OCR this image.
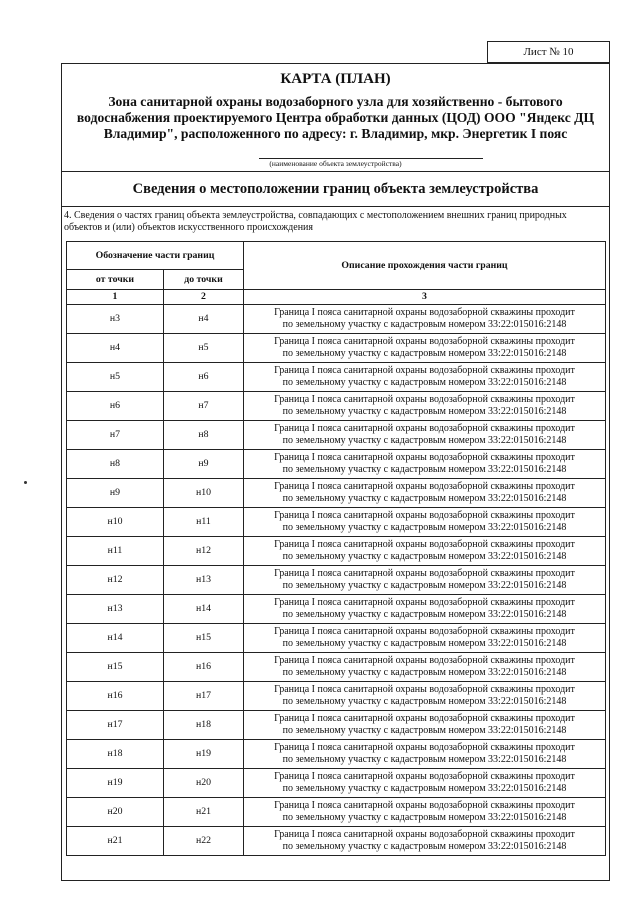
Лист № 10
КАРТА (ПЛАН)
Зона санитарной охраны водозаборного узла для хозяйственно - бытового водоснабжения проектируемого Центра обработки данных (ЦОД) ООО "Яндекс ДЦ Владимир", расположенного по адресу: г. Владимир, мкр. Энергетик I пояс
(наименование объекта землеустройства)
Сведения о местоположении границ объекта землеустройства
4. Сведения о частях границ объекта землеустройства, совпадающих с местоположением внешних границ природных объектов и (или) объектов искусственного происхождения
Обозначение части границ		Описание прохождения части границ
от точки	до точки	
1	2	3
н3	н4	Граница I пояса санитарной охраны водозаборной скважины проходит
по земельному участку с кадастровым номером 33:22:015016:2148

н4	н5	Граница I пояса санитарной охраны водозаборной скважины проходит
по земельному участку с кадастровым номером 33:22:015016:2148

н5	н6	Граница I пояса санитарной охраны водозаборной скважины проходит
по земельному участку с кадастровым номером 33:22:015016:2148

н6	н7	Граница I пояса санитарной охраны водозаборной скважины проходит
по земельному участку с кадастровым номером 33:22:015016:2148

н7	н8	Граница I пояса санитарной охраны водозаборной скважины проходит
по земельному участку с кадастровым номером 33:22:015016:2148

н8	н9	Граница I пояса санитарной охраны водозаборной скважины проходит
по земельному участку с кадастровым номером 33:22:015016:2148

н9	н10	Граница I пояса санитарной охраны водозаборной скважины проходит
по земельному участку с кадастровым номером 33:22:015016:2148

н10	н11	Граница I пояса санитарной охраны водозаборной скважины проходит
по земельному участку с кадастровым номером 33:22:015016:2148

н11	н12	Граница I пояса санитарной охраны водозаборной скважины проходит
по земельному участку с кадастровым номером 33:22:015016:2148

н12	н13	Граница I пояса санитарной охраны водозаборной скважины проходит
по земельному участку с кадастровым номером 33:22:015016:2148

н13	н14	Граница I пояса санитарной охраны водозаборной скважины проходит
по земельному участку с кадастровым номером 33:22:015016:2148

н14	н15	Граница I пояса санитарной охраны водозаборной скважины проходит
по земельному участку с кадастровым номером 33:22:015016:2148

н15	н16	Граница I пояса санитарной охраны водозаборной скважины проходит
по земельному участку с кадастровым номером 33:22:015016:2148

н16	н17	Граница I пояса санитарной охраны водозаборной скважины проходит
по земельному участку с кадастровым номером 33:22:015016:2148

н17	н18	Граница I пояса санитарной охраны водозаборной скважины проходит
по земельному участку с кадастровым номером 33:22:015016:2148

н18	н19	Граница I пояса санитарной охраны водозаборной скважины проходит
по земельному участку с кадастровым номером 33:22:015016:2148

н19	н20	Граница I пояса санитарной охраны водозаборной скважины проходит
по земельному участку с кадастровым номером 33:22:015016:2148

н20	н21	Граница I пояса санитарной охраны водозаборной скважины проходит
по земельному участку с кадастровым номером 33:22:015016:2148

н21	н22	Граница I пояса санитарной охраны водозаборной скважины проходит
по земельному участку с кадастровым номером 33:22:015016:2148
